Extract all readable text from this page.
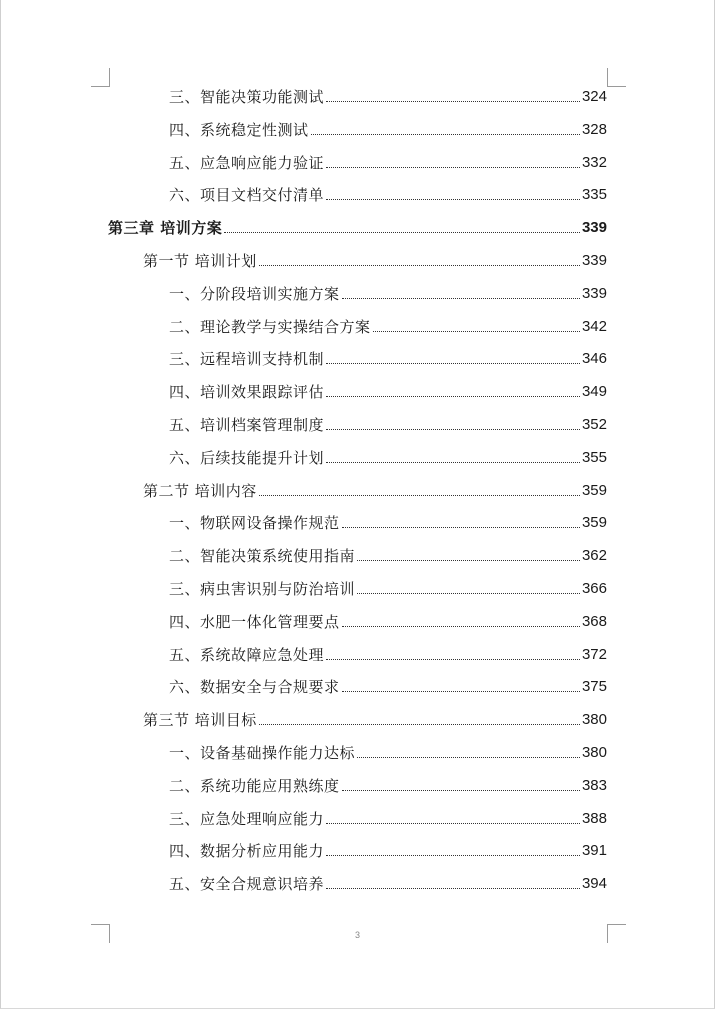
三、智能决策功能测试	324
四、系统稳定性测试	328
五、应急响应能力验证	332
六、项目文档交付清单	335
第三章 培训方案	339
第一节 培训计划	339
一、分阶段培训实施方案	339
二、理论教学与实操结合方案	342
三、远程培训支持机制	346
四、培训效果跟踪评估	349
五、培训档案管理制度	352
六、后续技能提升计划	355
第二节 培训内容	359
一、物联网设备操作规范	359
二、智能决策系统使用指南	362
三、病虫害识别与防治培训	366
四、水肥一体化管理要点	368
五、系统故障应急处理	372
六、数据安全与合规要求	375
第三节 培训目标	380
一、设备基础操作能力达标	380
二、系统功能应用熟练度	383
三、应急处理响应能力	388
四、数据分析应用能力	391
五、安全合规意识培养	394
3
